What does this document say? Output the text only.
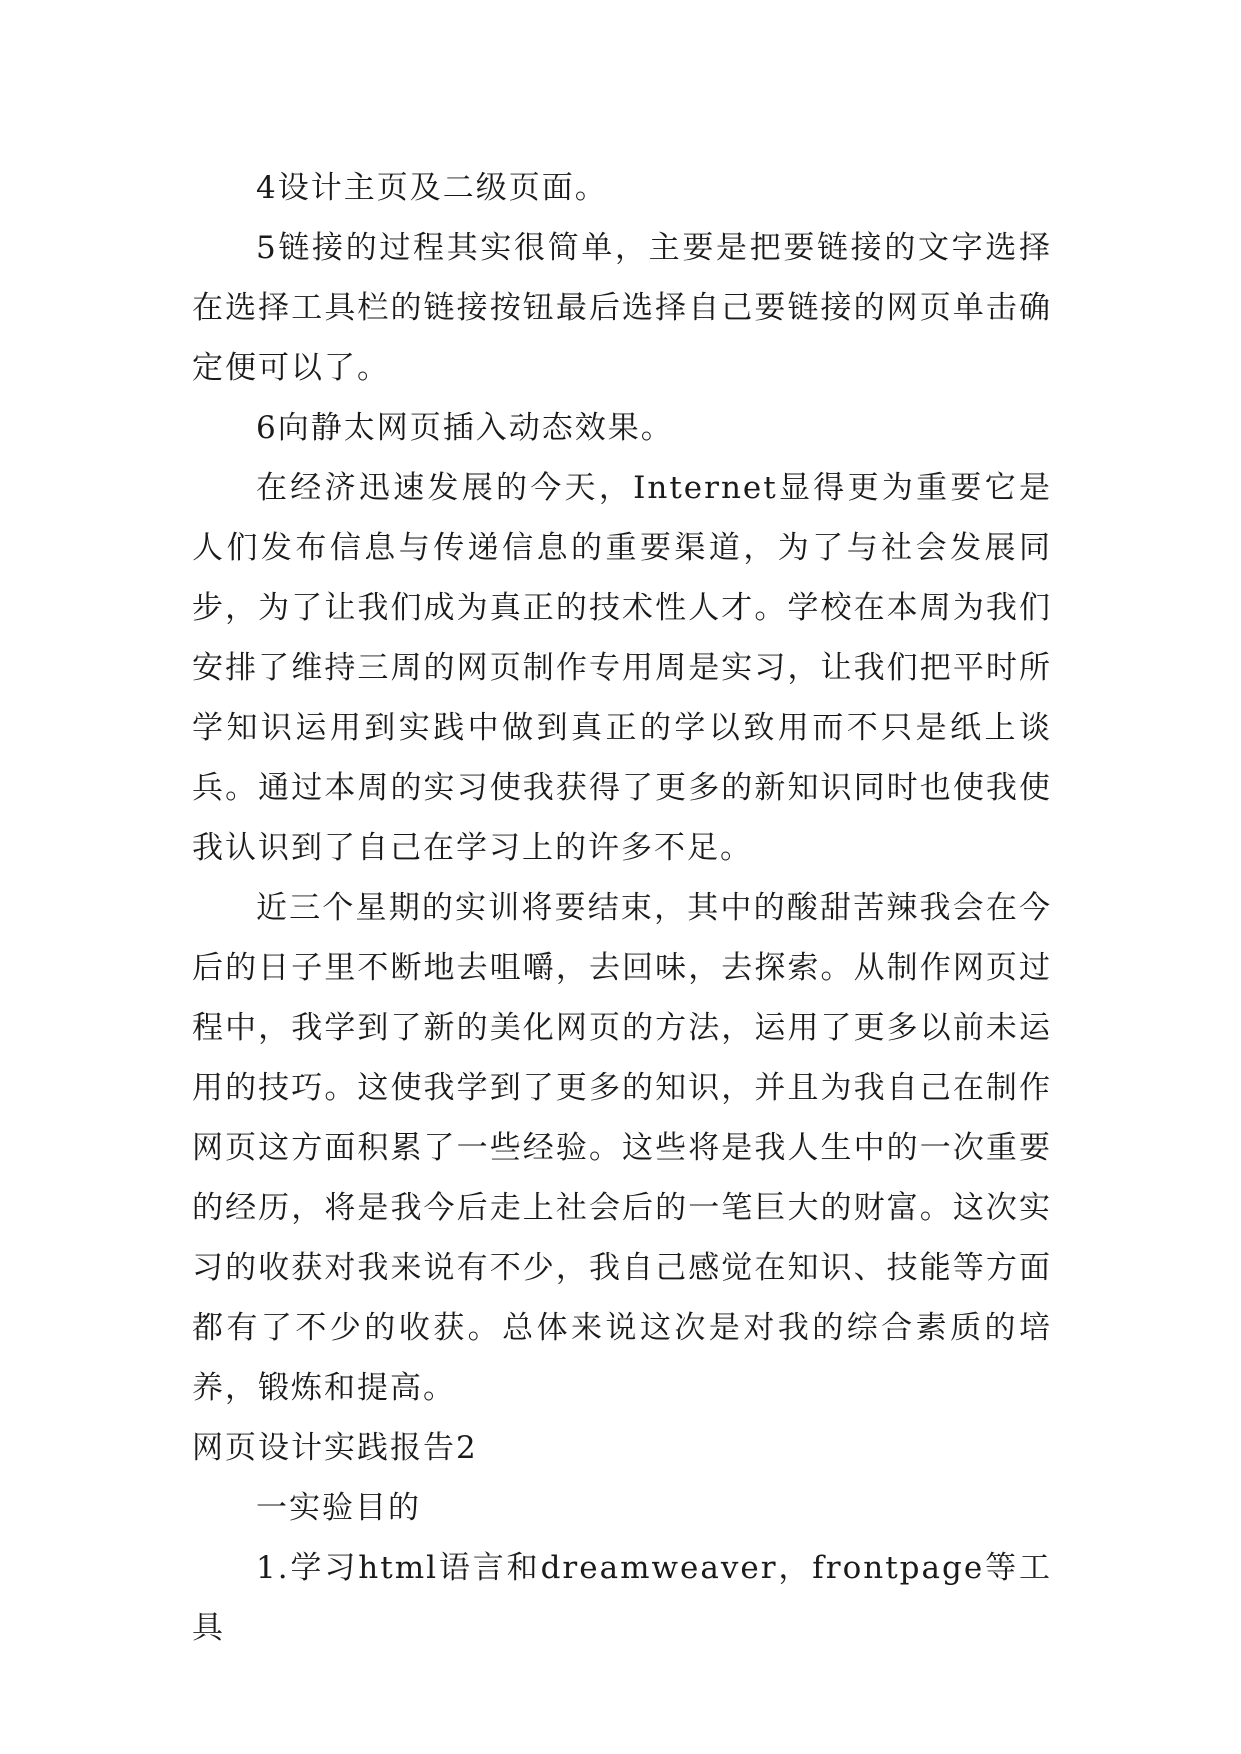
4设计主页及二级页面。

5链接的过程其实很简单，主要是把要链接的文字选择在选择工具栏的链接按钮最后选择自己要链接的网页单击确定便可以了。

6向静太网页插入动态效果。

在经济迅速发展的今天，Internet显得更为重要它是人们发布信息与传递信息的重要渠道，为了与社会发展同步，为了让我们成为真正的技术性人才。学校在本周为我们安排了维持三周的网页制作专用周是实习，让我们把平时所学知识运用到实践中做到真正的学以致用而不只是纸上谈兵。通过本周的实习使我获得了更多的新知识同时也使我使我认识到了自己在学习上的许多不足。

近三个星期的实训将要结束，其中的酸甜苦辣我会在今后的日子里不断地去咀嚼，去回味，去探索。从制作网页过程中，我学到了新的美化网页的方法，运用了更多以前未运用的技巧。这使我学到了更多的知识，并且为我自己在制作网页这方面积累了一些经验。这些将是我人生中的一次重要的经历，将是我今后走上社会后的一笔巨大的财富。这次实习的收获对我来说有不少，我自己感觉在知识、技能等方面都有了不少的收获。总体来说这次是对我的综合素质的培养，锻炼和提高。

网页设计实践报告2

一实验目的

1.学习html语言和dreamweaver，frontpage等工具
